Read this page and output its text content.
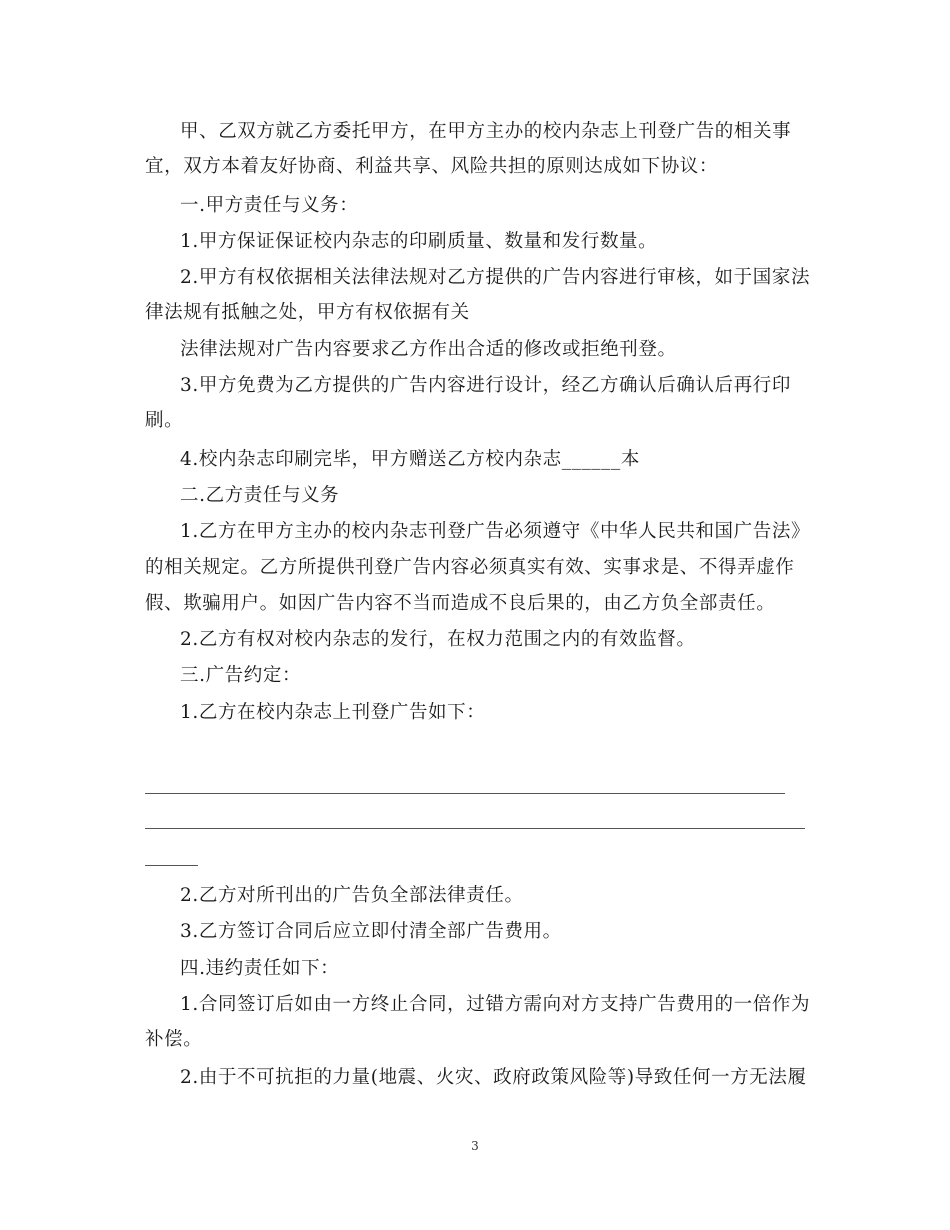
甲、乙双方就乙方委托甲方，在甲方主办的校内杂志上刊登广告的相关事
宜，双方本着友好协商、利益共享、风险共担的原则达成如下协议：
一.甲方责任与义务：
1.甲方保证保证校内杂志的印刷质量、数量和发行数量。
2.甲方有权依据相关法律法规对乙方提供的广告内容进行审核，如于国家法
律法规有抵触之处，甲方有权依据有关
法律法规对广告内容要求乙方作出合适的修改或拒绝刊登。
3.甲方免费为乙方提供的广告内容进行设计，经乙方确认后确认后再行印
刷。
4.校内杂志印刷完毕，甲方赠送乙方校内杂志______本
二.乙方责任与义务
1.乙方在甲方主办的校内杂志刊登广告必须遵守《中华人民共和国广告法》
的相关规定。乙方所提供刊登广告内容必须真实有效、实事求是、不得弄虚作
假、欺骗用户。如因广告内容不当而造成不良后果的，由乙方负全部责任。
2.乙方有权对校内杂志的发行，在权力范围之内的有效监督。
三.广告约定：
1.乙方在校内杂志上刊登广告如下：
2.乙方对所刊出的广告负全部法律责任。
3.乙方签订合同后应立即付清全部广告费用。
四.违约责任如下：
1.合同签订后如由一方终止合同，过错方需向对方支持广告费用的一倍作为
补偿。
2.由于不可抗拒的力量(地震、火灾、政府政策风险等)导致任何一方无法履
3
